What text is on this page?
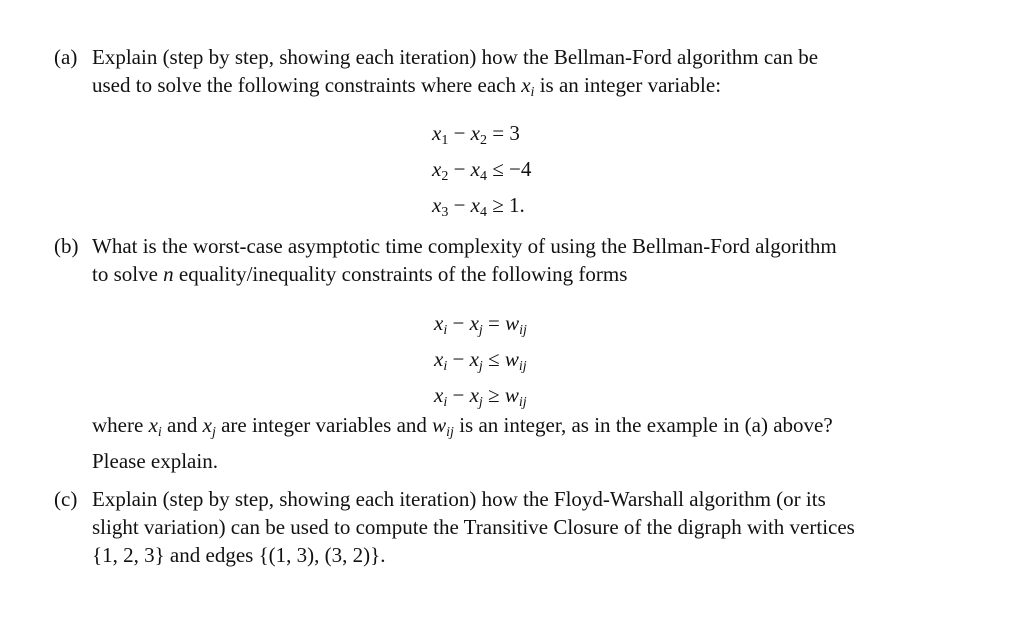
(a) Explain (step by step, showing each iteration) how the Bellman-Ford algorithm can be
used to solve the following constraints where each $x_i$ is an integer variable:
x1 − x2 = 3
x2 − x4 ≤ −4
x3 − x4 ≥ 1.
(b) What is the worst-case asymptotic time complexity of using the Bellman-Ford algorithm
to solve n equality/inequality constraints of the following forms
$x_i - x_j = w_{ij}$
$x_i - x_j \le w_{ij}$
$x_i - x_j \ge w_{ij}$
where $x_i$ and $x_j$ are integer variables and $w_{ij}$ is an integer, as in the example in (a) above?
Please explain.
(c) Explain (step by step, showing each iteration) how the Floyd-Warshall algorithm (or its
slight variation) can be used to compute the Transitive Closure of the digraph with vertices
{1, 2, 3} and edges {(1, 3), (3, 2)}.
